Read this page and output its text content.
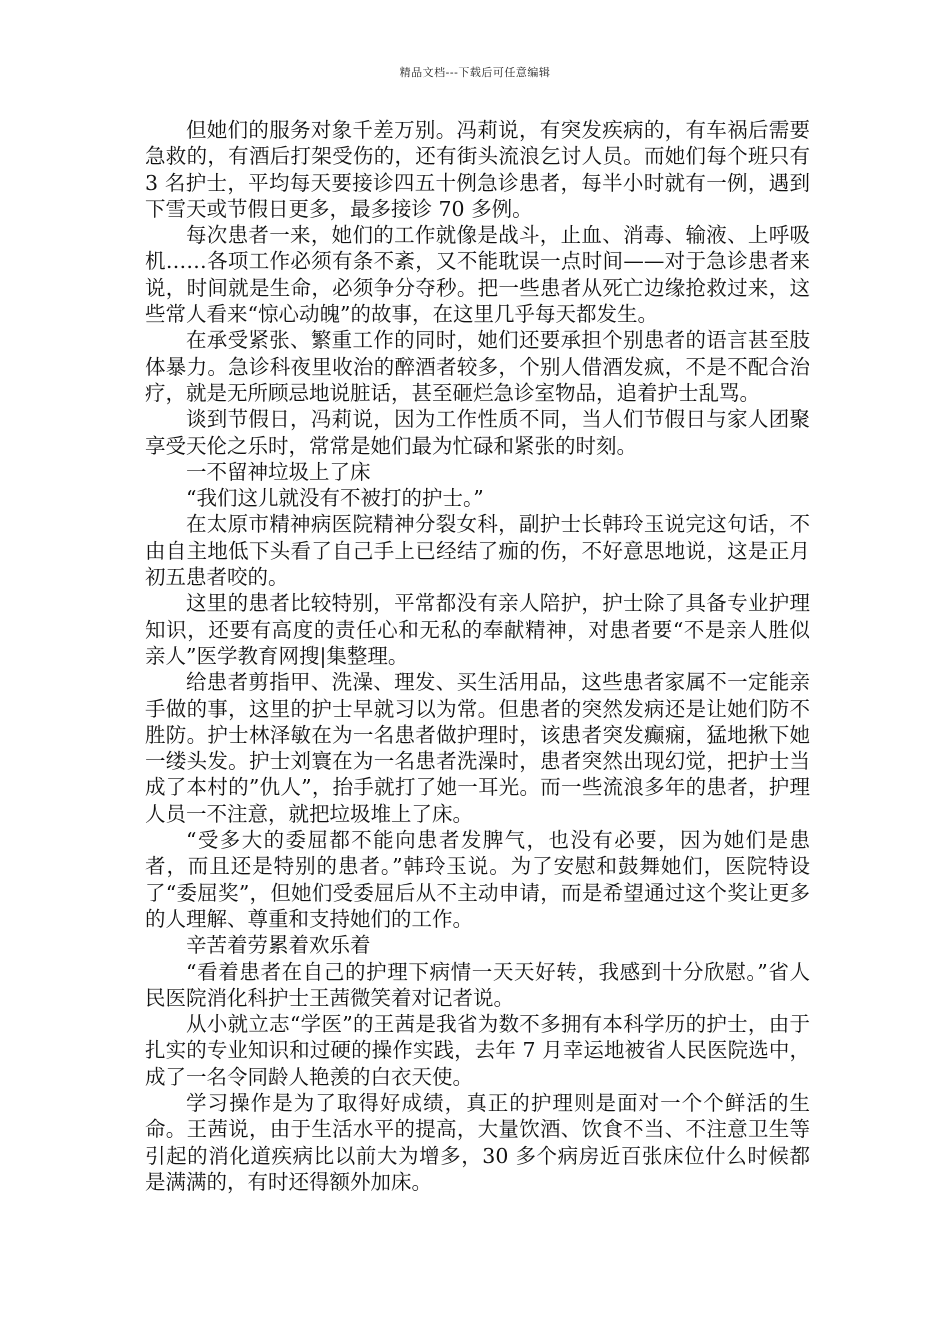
精品文档---下载后可任意编辑

但她们的服务对象千差万别。冯莉说，有突发疾病的，有车祸后需要急救的，有酒后打架受伤的，还有街头流浪乞讨人员。而她们每个班只有 3 名护士，平均每天要接诊四五十例急诊患者，每半小时就有一例，遇到下雪天或节假日更多，最多接诊 70 多例。

每次患者一来，她们的工作就像是战斗，止血、消毒、输液、上呼吸机……各项工作必须有条不紊，又不能耽误一点时间——对于急诊患者来说，时间就是生命，必须争分夺秒。把一些患者从死亡边缘抢救过来，这些常人看来“惊心动魄”的故事，在这里几乎每天都发生。

在承受紧张、繁重工作的同时，她们还要承担个别患者的语言甚至肢体暴力。急诊科夜里收治的醉酒者较多，个别人借酒发疯，不是不配合治疗，就是无所顾忌地说脏话，甚至砸烂急诊室物品，追着护士乱骂。

谈到节假日，冯莉说，因为工作性质不同，当人们节假日与家人团聚享受天伦之乐时，常常是她们最为忙碌和紧张的时刻。

一不留神垃圾上了床

“我们这儿就没有不被打的护士。”

在太原市精神病医院精神分裂女科，副护士长韩玲玉说完这句话，不由自主地低下头看了自己手上已经结了痂的伤，不好意思地说，这是正月初五患者咬的。

这里的患者比较特别，平常都没有亲人陪护，护士除了具备专业护理知识，还要有高度的责任心和无私的奉献精神，对患者要“不是亲人胜似亲人”医学教育网搜|集整理。

给患者剪指甲、洗澡、理发、买生活用品，这些患者家属不一定能亲手做的事，这里的护士早就习以为常。但患者的突然发病还是让她们防不胜防。护士林泽敏在为一名患者做护理时，该患者突发癫痫，猛地揪下她一缕头发。护士刘寰在为一名患者洗澡时，患者突然出现幻觉，把护士当成了本村的”仇人”，抬手就打了她一耳光。而一些流浪多年的患者，护理人员一不注意，就把垃圾堆上了床。

“受多大的委屈都不能向患者发脾气，也没有必要，因为她们是患者，而且还是特别的患者。”韩玲玉说。为了安慰和鼓舞她们，医院特设了“委屈奖”，但她们受委屈后从不主动申请，而是希望通过这个奖让更多的人理解、尊重和支持她们的工作。

辛苦着劳累着欢乐着

“看着患者在自己的护理下病情一天天好转，我感到十分欣慰。”省人民医院消化科护士王茜微笑着对记者说。

从小就立志“学医”的王茜是我省为数不多拥有本科学历的护士，由于扎实的专业知识和过硬的操作实践，去年 7 月幸运地被省人民医院选中，成了一名令同龄人艳羡的白衣天使。

学习操作是为了取得好成绩，真正的护理则是面对一个个鲜活的生命。王茜说，由于生活水平的提高，大量饮酒、饮食不当、不注意卫生等引起的消化道疾病比以前大为增多，30 多个病房近百张床位什么时候都是满满的，有时还得额外加床。
